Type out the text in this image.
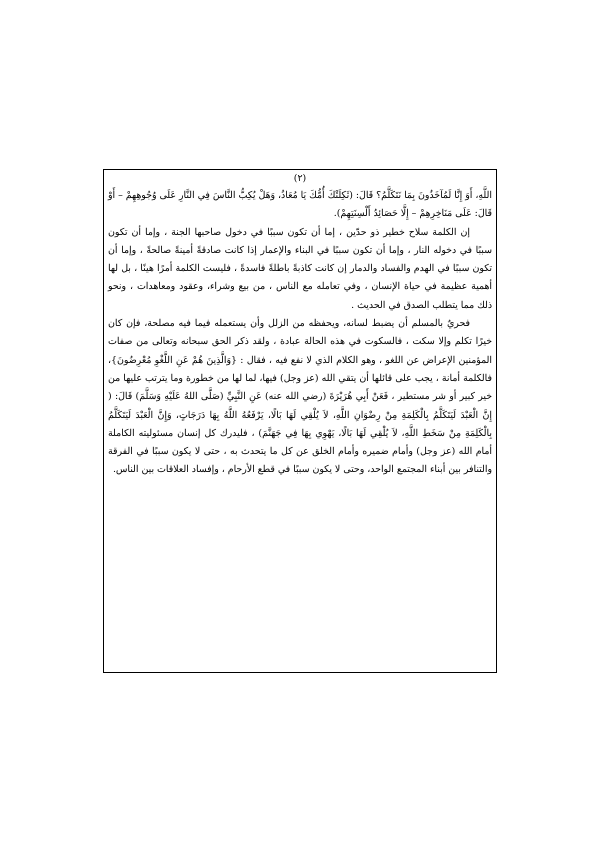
(٢)

اللَّهِ، أَوَ إِنَّا لَمُآخَذُونَ بِمَا نَتَكَلَّمُ؟ قَالَ: (ثَكِلَتْكَ أُمُّكَ يَا مُعَاذُ، وَهَلْ يُكِبُّ النَّاسَ فِي النَّارِ عَلَى وُجُوهِهِمْ – أَوْ قَالَ: عَلَى مَنَاخِرِهِمْ – إِلَّا حَصَائِدُ أَلْسِنَتِهِمْ).

إن الكلمة سلاح خطير ذو حدّين ، إما أن تكون سببًا في دخول صاحبها الجنة ، وإما أن تكون سببًا في دخوله النار ، وإما أن تكون سببًا في البناء والإعمار إذا كانت صادقةً أمينةً صالحةً ، وإما أن تكون سببًا في الهدم والفساد والدمار إن كانت كاذبةً باطلةً فاسدةً ، فليست الكلمة أمرًا هينًا ، بل لها أهمية عظيمة في حياة الإنسان ، وفي تعامله مع الناس ، من بيع وشراء، وعقود ومعاهدات ، ونحو ذلك مما يتطلب الصدق في الحديث .

فحريٌ بالمسلم أن يضبط لسانه، ويحفظه من الزلل وأن يستعمله فيما فيه مصلحة، فإن كان خيرًا تكلم وإلا سكت ، فالسكوت في هذه الحالة عبادة ، ولقد ذكر الحق سبحانه وتعالى من صفات المؤمنين الإعراض عن اللغو ، وهو الكلام الذي لا نفع فيه ، فقال : {وَالَّذِينَ هُمْ عَنِ اللَّغْوِ مُعْرِضُونَ}، فالكلمة أمانة ، يجب على قائلها أن يتقي الله (عز وجل) فيها، لما لها من خطورة وما يترتب عليها من خير كبير أو شر مستطير ، فَعَنْ أَبِي هُرَيْرَةَ (رضي الله عنه) عَنِ النَّبِيِّ (صَلَّى اللهُ عَلَيْهِ وَسَلَّمَ) قَالَ: ( إِنَّ الْعَبْدَ لَيَتَكَلَّمُ بِالْكَلِمَةِ مِنْ رِضْوَانِ اللَّهِ، لاَ يُلْقِي لَهَا بَالًا، يَرْفَعُهُ اللَّهُ بِهَا دَرَجَاتٍ، وَإِنَّ الْعَبْدَ لَيَتَكَلَّمُ بِالْكَلِمَةِ مِنْ سَخَطِ اللَّهِ، لاَ يُلْقِي لَهَا بَالًا، يَهْوِي بِهَا فِي جَهَنَّمَ) ، فليدرك كل إنسان مسئوليته الكاملة أمام الله (عز وجل) وأمام ضميره وأمام الخلق عن كل ما يتحدث به ، حتى لا يكون سببًا في الفرقة والتنافر بين أبناء المجتمع الواحد، وحتى لا يكون سببًا في قطع الأرحام ، وإفساد العلاقات بين الناس.
